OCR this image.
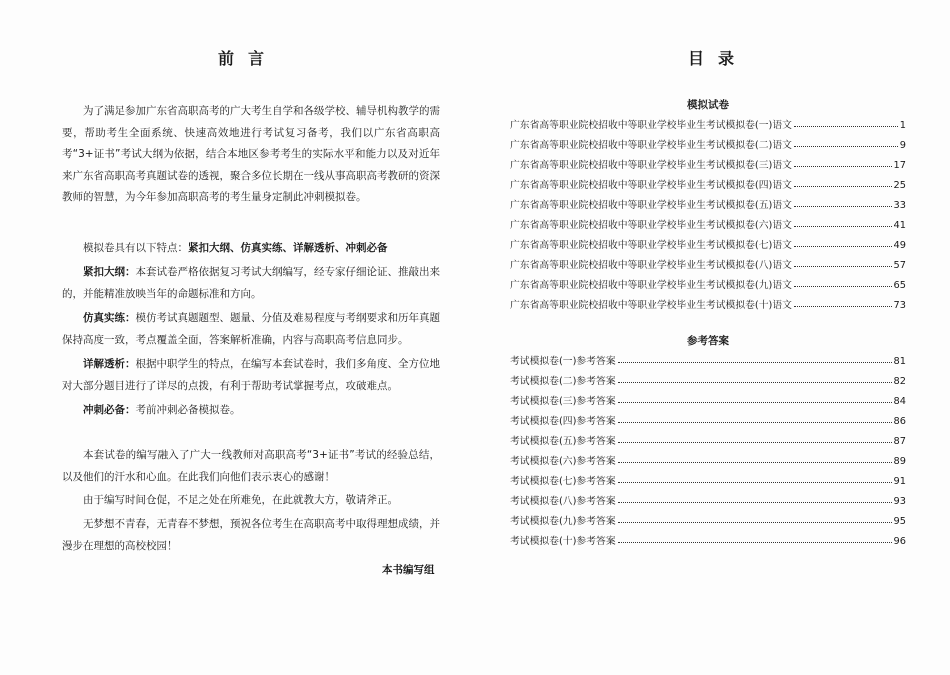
前言
为了满足参加广东省高职高考的广大考生自学和各级学校、辅导机构教学的需要，帮助考生全面系统、快速高效地进行考试复习备考，我们以广东省高职高考“3+证书”考试大纲为依据，结合本地区参考考生的实际水平和能力以及对近年来广东省高职高考真题试卷的透视，聚合多位长期在一线从事高职高考教研的资深教师的智慧，为今年参加高职高考的考生量身定制此冲刺模拟卷。
模拟卷具有以下特点：紧扣大纲、仿真实练、详解透析、冲刺必备
紧扣大纲：本套试卷严格依据复习考试大纲编写，经专家仔细论证、推敲出来的，并能精准放映当年的命题标准和方向。
仿真实练：模仿考试真题题型、题量、分值及难易程度与考纲要求和历年真题保持高度一致，考点覆盖全面，答案解析准确，内容与高职高考信息同步。
详解透析：根据中职学生的特点，在编写本套试卷时，我们多角度、全方位地对大部分题目进行了详尽的点拨，有利于帮助考试掌握考点，攻破难点。
冲刺必备：考前冲刺必备模拟卷。
本套试卷的编写融入了广大一线教师对高职高考“3+证书”考试的经验总结，以及他们的汗水和心血。在此我们向他们表示衷心的感谢！
由于编写时间仓促，不足之处在所难免，在此就教大方，敬请斧正。
无梦想不青春，无青春不梦想，预祝各位考生在高职高考中取得理想成绩，并漫步在理想的高校校园！
本书编写组
目录
模拟试卷
广东省高等职业院校招收中等职业学校毕业生考试模拟卷(一)语文	1
广东省高等职业院校招收中等职业学校毕业生考试模拟卷(二)语文	9
广东省高等职业院校招收中等职业学校毕业生考试模拟卷(三)语文	17
广东省高等职业院校招收中等职业学校毕业生考试模拟卷(四)语文	25
广东省高等职业院校招收中等职业学校毕业生考试模拟卷(五)语文	33
广东省高等职业院校招收中等职业学校毕业生考试模拟卷(六)语文	41
广东省高等职业院校招收中等职业学校毕业生考试模拟卷(七)语文	49
广东省高等职业院校招收中等职业学校毕业生考试模拟卷(八)语文	57
广东省高等职业院校招收中等职业学校毕业生考试模拟卷(九)语文	65
广东省高等职业院校招收中等职业学校毕业生考试模拟卷(十)语文	73
参考答案
考试模拟卷(一)参考答案	81
考试模拟卷(二)参考答案	82
考试模拟卷(三)参考答案	84
考试模拟卷(四)参考答案	86
考试模拟卷(五)参考答案	87
考试模拟卷(六)参考答案	89
考试模拟卷(七)参考答案	91
考试模拟卷(八)参考答案	93
考试模拟卷(九)参考答案	95
考试模拟卷(十)参考答案	96
